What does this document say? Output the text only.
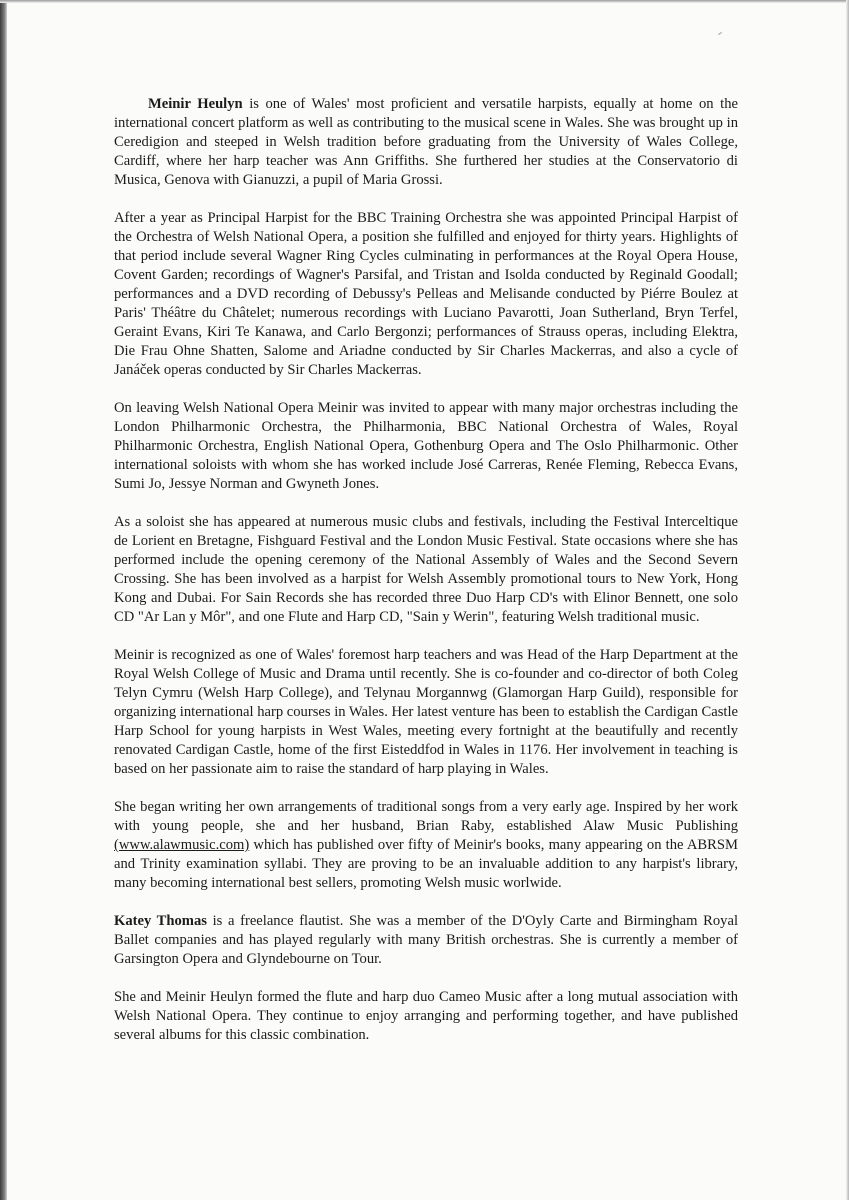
Meinir Heulyn is one of Wales' most proficient and versatile harpists, equally at home on the international concert platform as well as contributing to the musical scene in Wales. She was brought up in Ceredigion and steeped in Welsh tradition before graduating from the University of Wales College, Cardiff, where her harp teacher was Ann Griffiths. She furthered her studies at the Conservatorio di Musica, Genova with Gianuzzi, a pupil of Maria Grossi.

After a year as Principal Harpist for the BBC Training Orchestra she was appointed Principal Harpist of the Orchestra of Welsh National Opera, a position she fulfilled and enjoyed for thirty years. Highlights of that period include several Wagner Ring Cycles culminating in performances at the Royal Opera House, Covent Garden; recordings of Wagner's Parsifal, and Tristan and Isolda conducted by Reginald Goodall; performances and a DVD recording of Debussy's Pelleas and Melisande conducted by Piérre Boulez at Paris' Théâtre du Châtelet; numerous recordings with Luciano Pavarotti, Joan Sutherland, Bryn Terfel, Geraint Evans, Kiri Te Kanawa, and Carlo Bergonzi; performances of Strauss operas, including Elektra, Die Frau Ohne Shatten, Salome and Ariadne conducted by Sir Charles Mackerras, and also a cycle of Janáček operas conducted by Sir Charles Mackerras.

On leaving Welsh National Opera Meinir was invited to appear with many major orchestras including the London Philharmonic Orchestra, the Philharmonia, BBC National Orchestra of Wales, Royal Philharmonic Orchestra, English National Opera, Gothenburg Opera and The Oslo Philharmonic. Other international soloists with whom she has worked include José Carreras, Renée Fleming, Rebecca Evans, Sumi Jo, Jessye Norman and Gwyneth Jones.

As a soloist she has appeared at numerous music clubs and festivals, including the Festival Interceltique de Lorient en Bretagne, Fishguard Festival and the London Music Festival. State occasions where she has performed include the opening ceremony of the National Assembly of Wales and the Second Severn Crossing. She has been involved as a harpist for Welsh Assembly promotional tours to New York, Hong Kong and Dubai. For Sain Records she has recorded three Duo Harp CD's with Elinor Bennett, one solo CD "Ar Lan y Môr", and one Flute and Harp CD, "Sain y Werin", featuring Welsh traditional music.

Meinir is recognized as one of Wales' foremost harp teachers and was Head of the Harp Department at the Royal Welsh College of Music and Drama until recently. She is co-founder and co-director of both Coleg Telyn Cymru (Welsh Harp College), and Telynau Morgannwg (Glamorgan Harp Guild), responsible for organizing international harp courses in Wales. Her latest venture has been to establish the Cardigan Castle Harp School for young harpists in West Wales, meeting every fortnight at the beautifully and recently renovated Cardigan Castle, home of the first Eisteddfod in Wales in 1176. Her involvement in teaching is based on her passionate aim to raise the standard of harp playing in Wales.

She began writing her own arrangements of traditional songs from a very early age. Inspired by her work with young people, she and her husband, Brian Raby, established Alaw Music Publishing (www.alawmusic.com) which has published over fifty of Meinir's books, many appearing on the ABRSM and Trinity examination syllabi. They are proving to be an invaluable addition to any harpist's library, many becoming international best sellers, promoting Welsh music worlwide.

Katey Thomas is a freelance flautist. She was a member of the D'Oyly Carte and Birmingham Royal Ballet companies and has played regularly with many British orchestras. She is currently a member of Garsington Opera and Glyndebourne on Tour.

She and Meinir Heulyn formed the flute and harp duo Cameo Music after a long mutual association with Welsh National Opera. They continue to enjoy arranging and performing together, and have published several albums for this classic combination.
